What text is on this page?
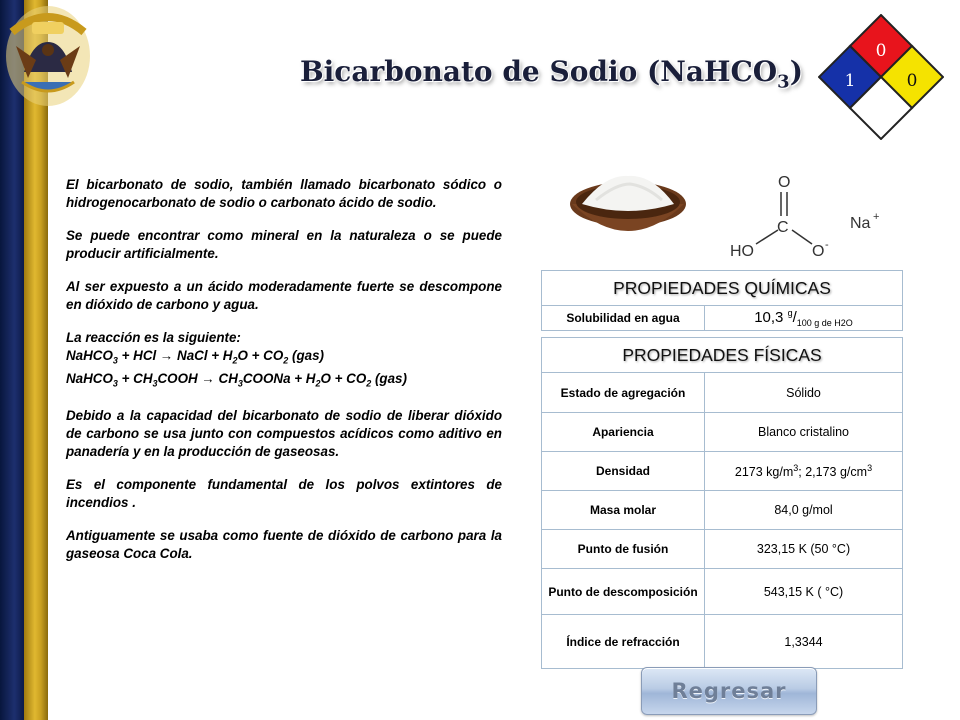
Bicarbonato de Sodio (NaHCO$_3$)
0
1	0

El bicarbonato de sodio, también llamado bicarbonato sódico o hidrogenocarbonato de sodio o carbonato ácido de sodio.

Se puede encontrar como mineral en la naturaleza o se puede producir artificialmente.

Al ser expuesto a un ácido moderadamente fuerte se descompone en dióxido de carbono y agua.

La reacción es la siguiente:
NaHCO$_3$ + HCl → NaCl + $H_2O + CO_2$ (gas)
NaHCO$_3$ + $CH_3COOH$ → $CH_3COONa + H_2O + CO_2$ (gas)

Debido a la capacidad del bicarbonato de sodio de liberar dióxido de carbono se usa junto con compuestos acídicos como aditivo en panadería y en la producción de gaseosas.

Es el componente fundamental de los polvos extintores de incendios .

Antiguamente se usaba como fuente de dióxido de carbono para la gaseosa Coca Cola.

O
C
HO	O -
Na +
PROPIEDADES QUÍMICAS
Solubilidad en agua	10,3 $^g/_{100 g de H2O}$
PROPIEDADES FÍSICAS	
Estado de agregación	Sólido
Apariencia	Blanco cristalino
Densidad	2173 $kg/m^3$; 2,173 $g/cm^3$
Masa molar	84,0 g/mol
Punto de fusión	323,15 K (50 °C)
Punto de descomposición	543,15 K ( °C)
Índice de refracción	1,3344
Regresar
